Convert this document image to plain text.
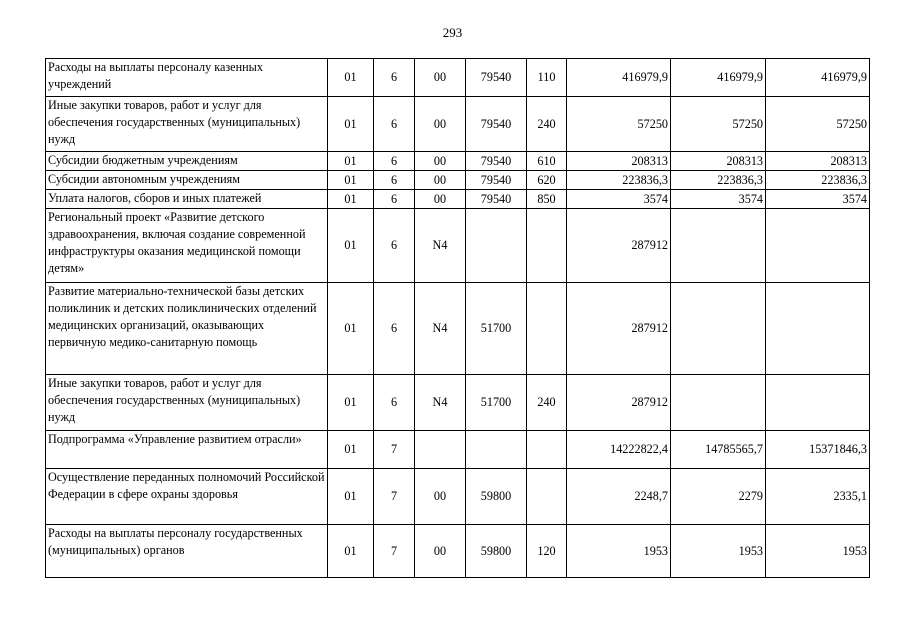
293
Расходы на выплаты персоналу казенных учреждений	01	6	00	79540	110	416979,9	416979,9	416979,9
Иные закупки товаров, работ и услуг для обеспечения государственных (муниципальных) нужд	01	6	00	79540	240	57250	57250	57250
Субсидии бюджетным учреждениям	01	6	00	79540	610	208313	208313	208313
Субсидии автономным учреждениям	01	6	00	79540	620	223836,3	223836,3	223836,3
Уплата налогов, сборов и иных платежей	01	6	00	79540	850	3574	3574	3574
Региональный проект «Развитие детского здравоохранения, включая создание современной инфраструктуры оказания медицинской помощи детям»	01	6	N4			287912		
Развитие материально-технической базы детских поликлиник и детских поликлинических отделений медицинских организаций, оказывающих первичную медико-санитарную помощь	01	6	N4	51700		287912		
Иные закупки товаров, работ и услуг для обеспечения государственных (муниципальных) нужд	01	6	N4	51700	240	287912		
Подпрограмма «Управление развитием отрасли»	01	7				14222822,4	14785565,7	15371846,3
Осуществление переданных полномочий Российской Федерации в сфере охраны здоровья	01	7	00	59800		2248,7	2279	2335,1
Расходы на выплаты персоналу государственных (муниципальных) органов	01	7	00	59800	120	1953	1953	1953
